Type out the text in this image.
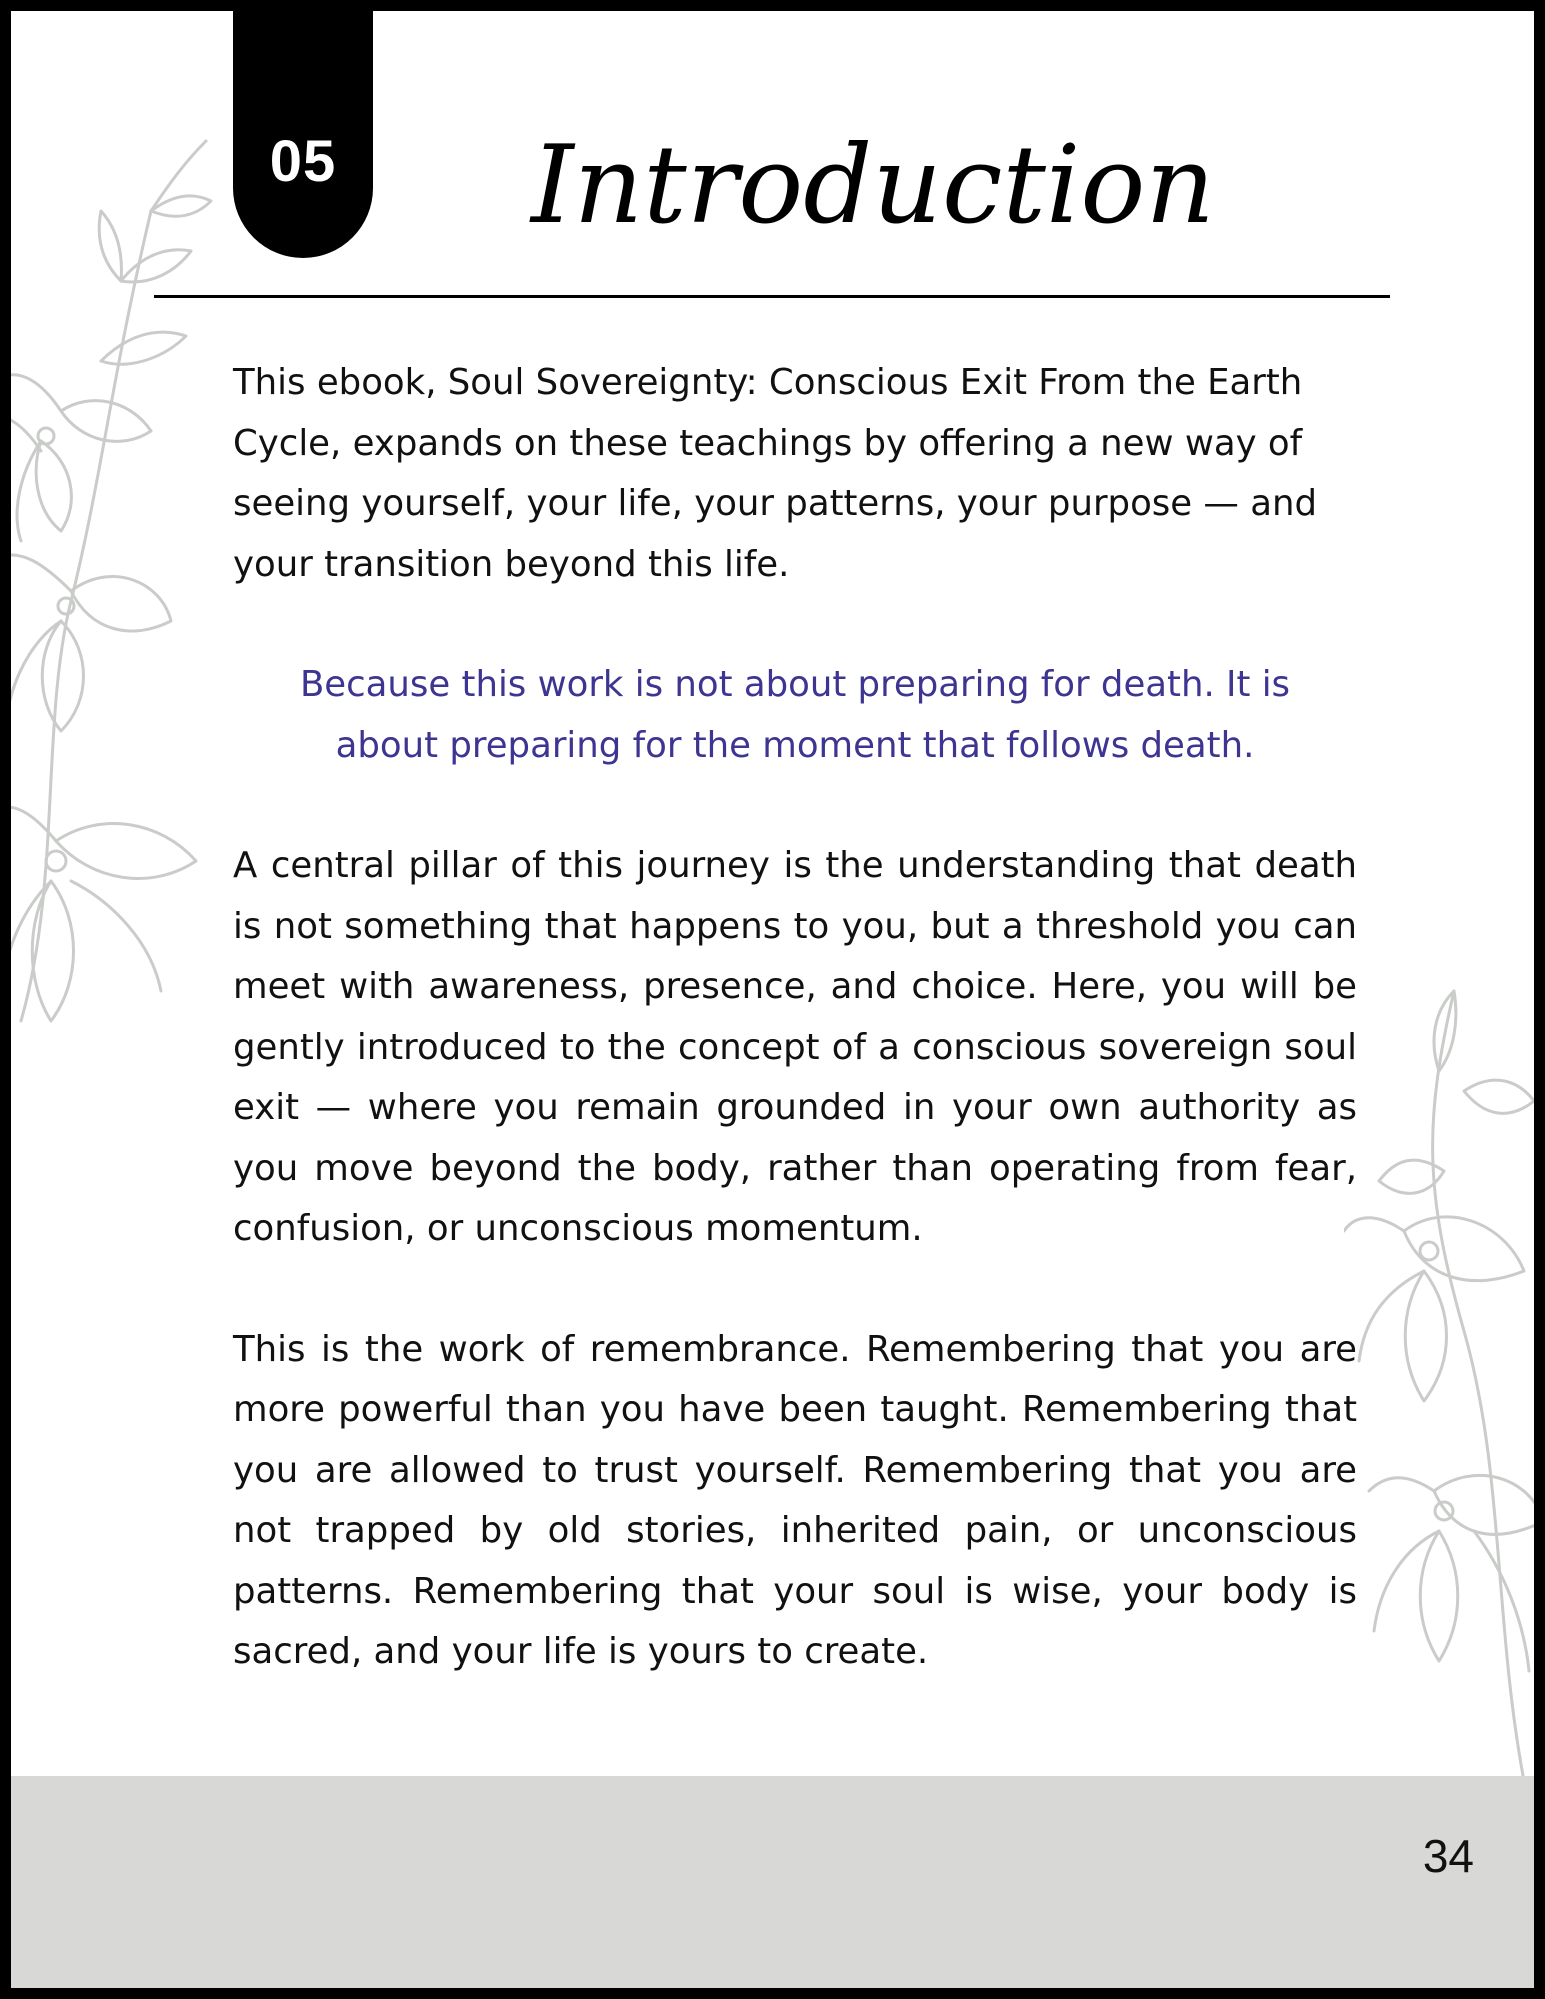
05	Introduction

This ebook, Soul Sovereignty: Conscious Exit From the Earth Cycle, expands on these teachings by offering a new way of seeing yourself, your life, your patterns, your purpose — and your transition beyond this life.

Because this work is not about preparing for death. It is about preparing for the moment that follows death.

A central pillar of this journey is the understanding that death is not something that happens to you, but a threshold you can meet with awareness, presence, and choice. Here, you will be gently introduced to the concept of a conscious sovereign soul exit — where you remain grounded in your own authority as you move beyond the body, rather than operating from fear, confusion, or unconscious momentum.

This is the work of remembrance. Remembering that you are more powerful than you have been taught. Remembering that you are allowed to trust yourself. Remembering that you are not trapped by old stories, inherited pain, or unconscious patterns. Remembering that your soul is wise, your body is sacred, and your life is yours to create.

34
